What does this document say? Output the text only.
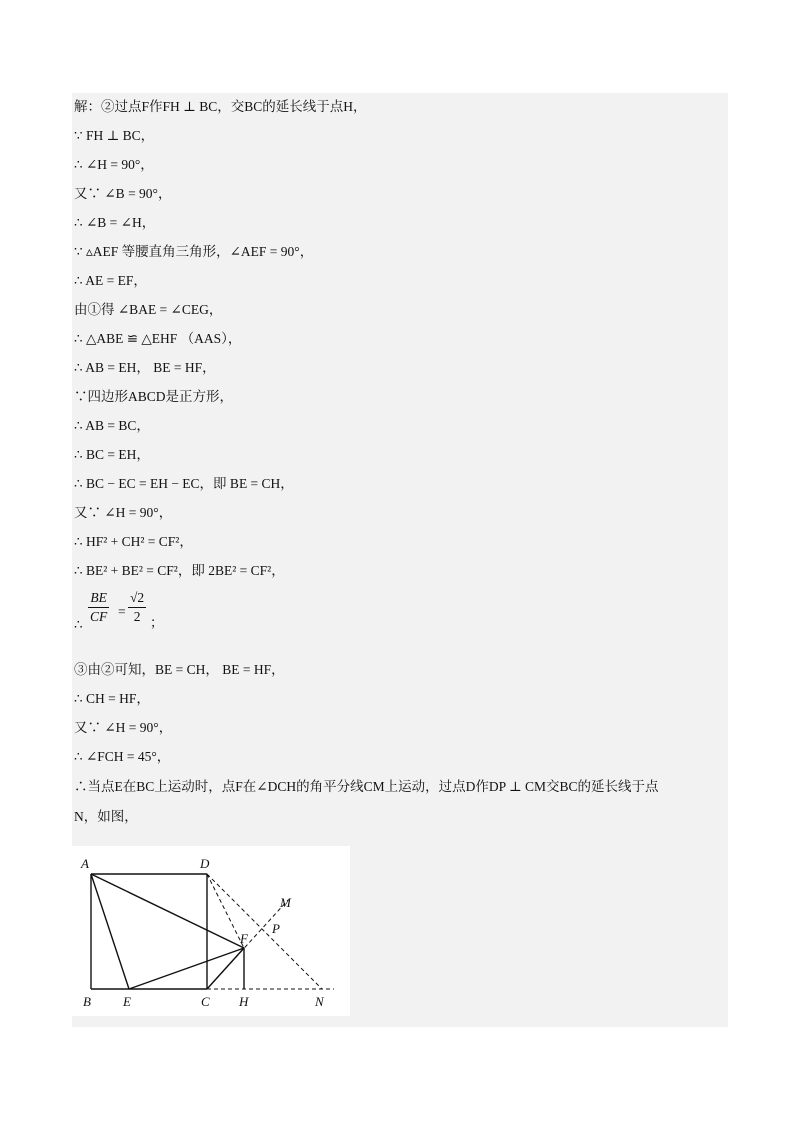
解：②过点F作FH ⊥ BC，交BC的延长线于点H，
∵ FH ⊥ BC，
∴ ∠H = 90°，
又∵ ∠B = 90°，
∴ ∠B = ∠H，
∵ ▵AEF 等腰直角三角形，∠AEF = 90°，
∴ AE = EF，
由①得 ∠BAE = ∠CEG，
∴ △ABE ≌ △EHF （AAS），
∴ AB = EH， BE = HF，
∵四边形ABCD是正方形，
∴ AB = BC，
∴ BC = EH，
∴ BC − EC = EH − EC，即 BE = CH，
又∵ ∠H = 90°，
∴ HF² + CH² = CF²，
∴ BE² + BE² = CF²，即 2BE² = CF²，
∴ $\frac{BE}{CF} = \frac{√2}{2}$ ；
③由②可知，BE = CH， BE = HF，
∴ CH = HF，
又∵ ∠H = 90°，
∴ ∠FCH = 45°，
∴当点E在BC上运动时，点F在∠DCH的角平分线CM上运动，过点D作DP ⊥ CM交BC的延长线于点
N，如图，
A	D
B E	C H	N
F
M
P
